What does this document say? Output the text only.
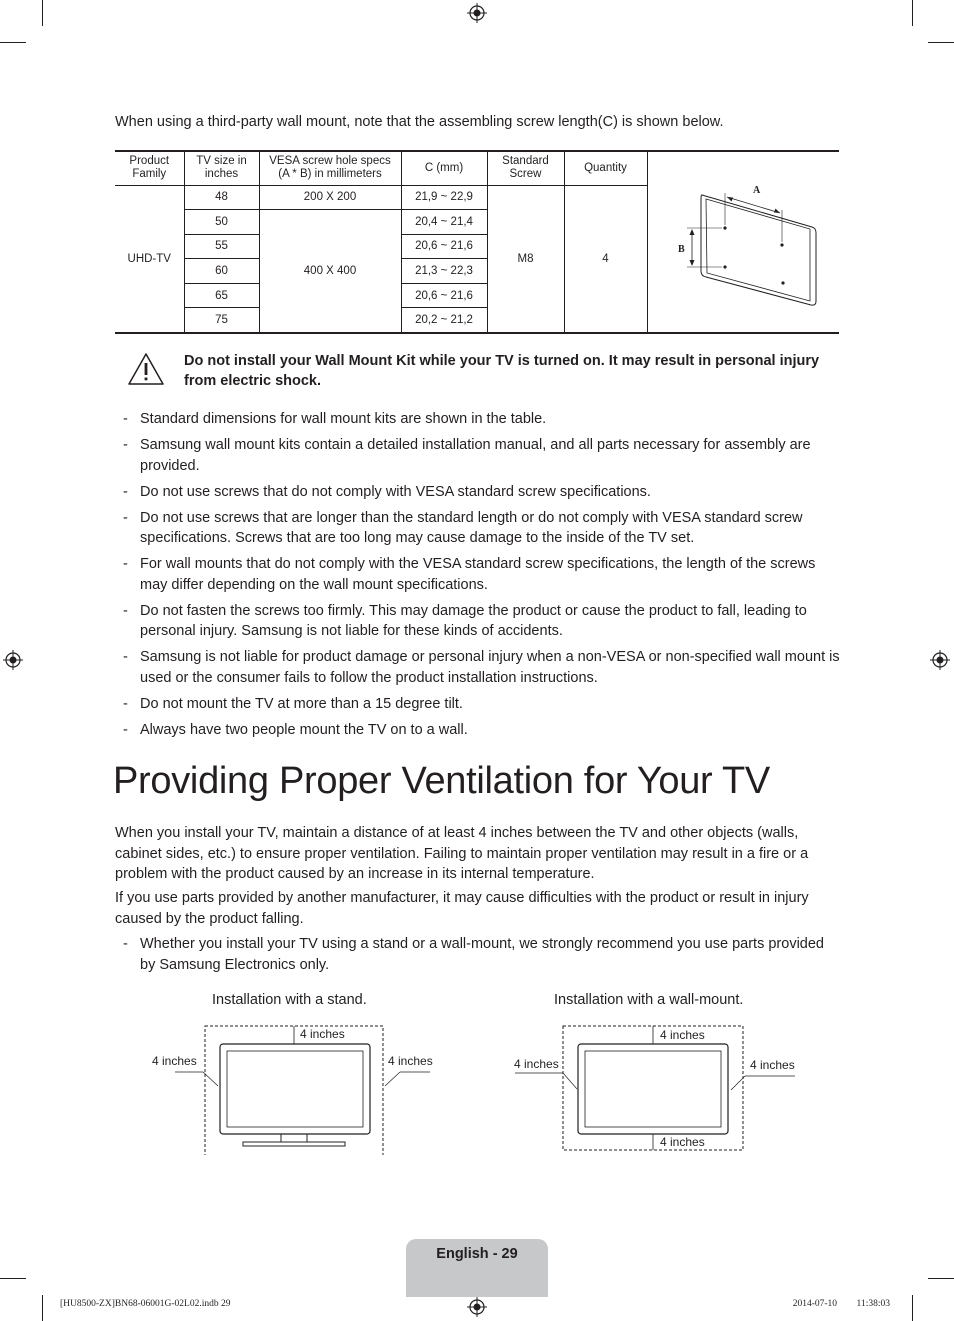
When using a third-party wall mount, note that the assembling screw length(C) is shown below.
Product Family	TV size in inches	VESA screw hole specs (A * B) in millimeters	C (mm)	Standard Screw	Quantity	A
B

UHD-TV	48	200 X 200	21,9 ~ 22,9	M8	4	
	50	400 X 400	20,4 ~ 21,4			
	55		20,6 ~ 21,6			
	60		21,3 ~ 22,3			
	65		20,6 ~ 21,6			
	75		20,2 ~ 21,2			
Do not install your Wall Mount Kit while your TV is turned on. It may result in personal injury from electric shock.
- Standard dimensions for wall mount kits are shown in the table.
- Samsung wall mount kits contain a detailed installation manual, and all parts necessary for assembly are provided.
- Do not use screws that do not comply with VESA standard screw specifications.
- Do not use screws that are longer than the standard length or do not comply with VESA standard screw specifications. Screws that are too long may cause damage to the inside of the TV set.
- For wall mounts that do not comply with the VESA standard screw specifications, the length of the screws may differ depending on the wall mount specifications.
- Do not fasten the screws too firmly. This may damage the product or cause the product to fall, leading to personal injury. Samsung is not liable for these kinds of accidents.
- Samsung is not liable for product damage or personal injury when a non-VESA or non-specified wall mount is used or the consumer fails to follow the product installation instructions.
- Do not mount the TV at more than a 15 degree tilt.
- Always have two people mount the TV on to a wall.
Providing Proper Ventilation for Your TV

When you install your TV, maintain a distance of at least 4 inches between the TV and other objects (walls, cabinet sides, etc.) to ensure proper ventilation. Failing to maintain proper ventilation may result in a fire or a problem with the product caused by an increase in its internal temperature.

If you use parts provided by another manufacturer, it may cause difficulties with the product or result in injury caused by the product falling.

- Whether you install your TV using a stand or a wall-mount, we strongly recommend you use parts provided by Samsung Electronics only.
Installation with a stand.	Installation with a wall-mount.
4 inches
4 inches	4 inches
4 inches
4 inches	4 inches
4 inches
English - 29
[HU8500-ZX]BN68-06001G-02L02.indb 29	2014-07-10 ￿￿ 11:38:03
